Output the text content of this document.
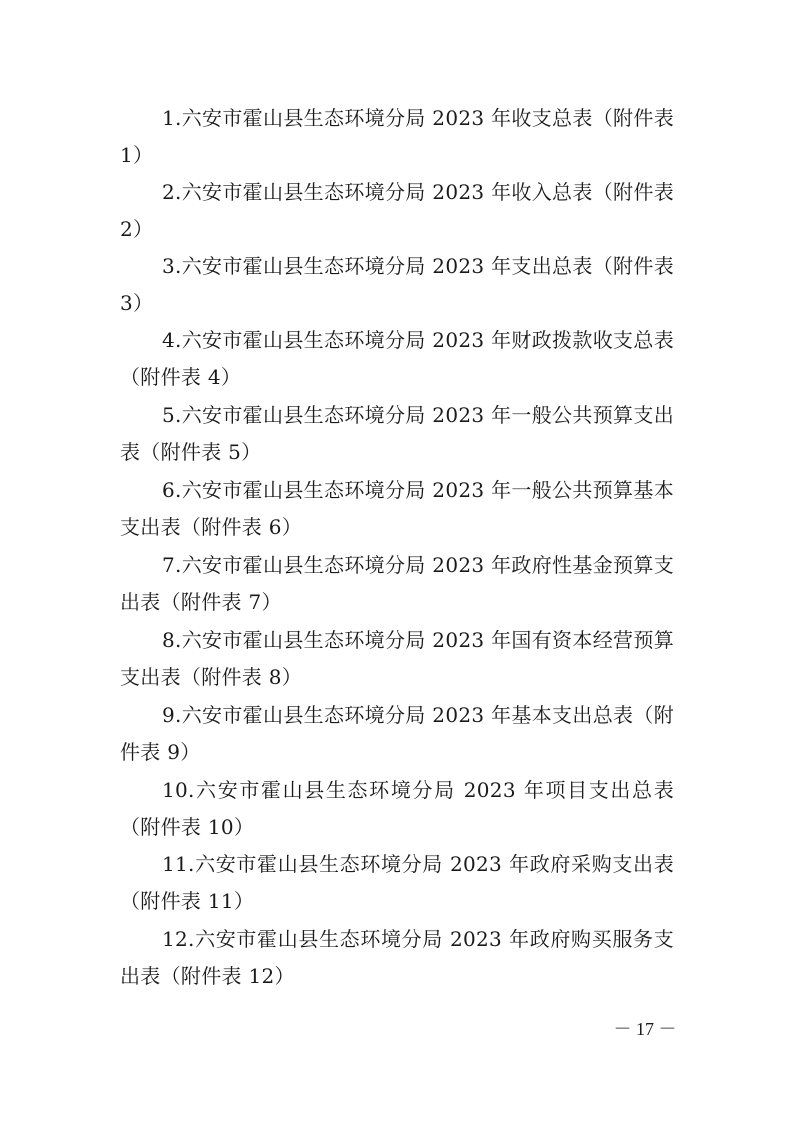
1.六安市霍山县生态环境分局 2023 年收支总表（附件表1）

2.六安市霍山县生态环境分局 2023 年收入总表（附件表2）

3.六安市霍山县生态环境分局 2023 年支出总表（附件表3）

4.六安市霍山县生态环境分局 2023 年财政拨款收支总表（附件表 4）

5.六安市霍山县生态环境分局 2023 年一般公共预算支出表（附件表 5）

6.六安市霍山县生态环境分局 2023 年一般公共预算基本支出表（附件表 6）

7.六安市霍山县生态环境分局 2023 年政府性基金预算支出表（附件表 7）

8.六安市霍山县生态环境分局 2023 年国有资本经营预算支出表（附件表 8）

9.六安市霍山县生态环境分局 2023 年基本支出总表（附件表 9）

10.六安市霍山县生态环境分局 2023 年项目支出总表（附件表 10）

11.六安市霍山县生态环境分局 2023 年政府采购支出表（附件表 11）

12.六安市霍山县生态环境分局 2023 年政府购买服务支出表（附件表 12）

－ 17 －
